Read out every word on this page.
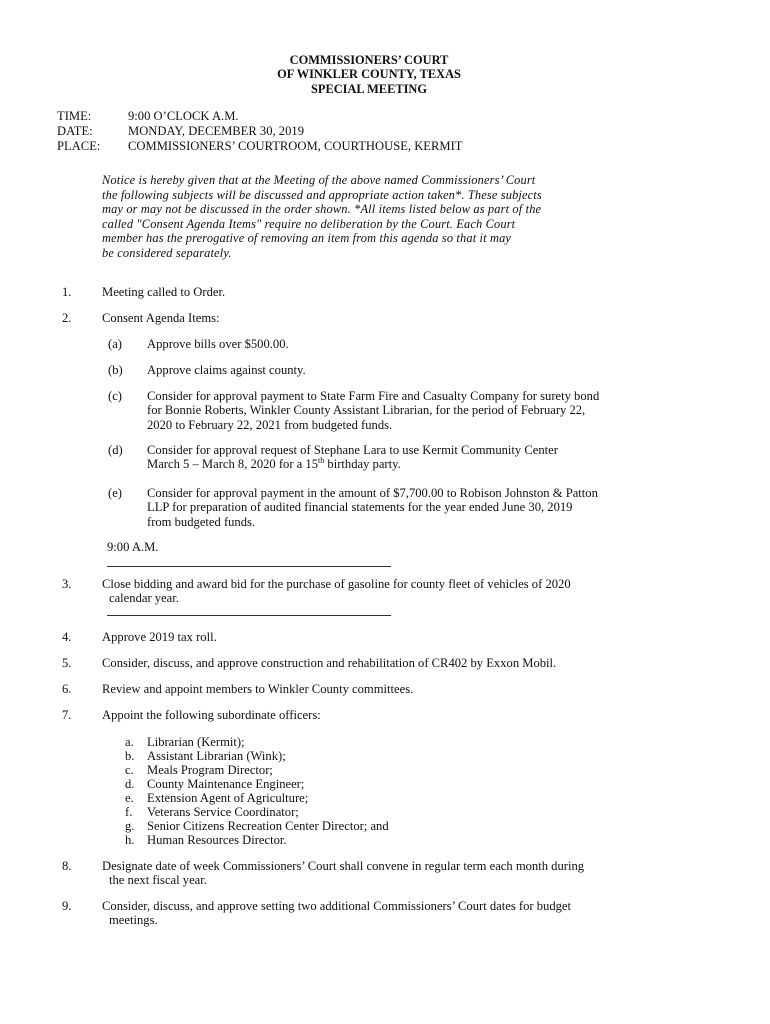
COMMISSIONERS’ COURT
OF WINKLER COUNTY, TEXAS
SPECIAL MEETING
TIME:	9:00 O’CLOCK A.M.
DATE:	MONDAY, DECEMBER 30, 2019
PLACE:	COMMISSIONERS’ COURTROOM, COURTHOUSE, KERMIT
Notice is hereby given that at the Meeting of the above named Commissioners’ Court
the following subjects will be discussed and appropriate action taken*. These subjects
may or may not be discussed in the order shown. *All items listed below as part of the
called "Consent Agenda Items" require no deliberation by the Court. Each Court
member has the prerogative of removing an item from this agenda so that it may
be considered separately.
1. Meeting called to Order.
2. Consent Agenda Items:
(a) Approve bills over $500.00.
(b) Approve claims against county.
(c) Consider for approval payment to State Farm Fire and Casualty Company for surety bond
for Bonnie Roberts, Winkler County Assistant Librarian, for the period of February 22,
2020 to February 22, 2021 from budgeted funds.
(d) Consider for approval request of Stephane Lara to use Kermit Community Center
March 5 – March 8, 2020 for a 15th birthday party.
(e) Consider for approval payment in the amount of $7,700.00 to Robison Johnston & Patton
LLP for preparation of audited financial statements for the year ended June 30, 2019
from budgeted funds.
9:00 A.M.
3. Close bidding and award bid for the purchase of gasoline for county fleet of vehicles of 2020
calendar year.
4. Approve 2019 tax roll.
5. Consider, discuss, and approve construction and rehabilitation of CR402 by Exxon Mobil.
6. Review and appoint members to Winkler County committees.
7. Appoint the following subordinate officers:
a.	Librarian (Kermit);
b. Assistant Librarian (Wink);
c.	Meals Program Director;
d. County Maintenance Engineer;
e.	Extension Agent of Agriculture;
f.	Veterans Service Coordinator;
g. Senior Citizens Recreation Center Director; and
h. Human Resources Director.
8. Designate date of week Commissioners’ Court shall convene in regular term each month during
the next fiscal year.
9. Consider, discuss, and approve setting two additional Commissioners’ Court dates for budget
meetings.
